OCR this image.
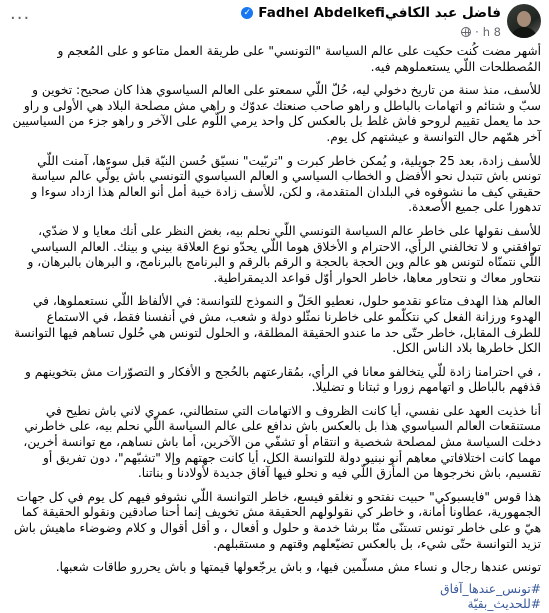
فاضل عبد الكافي
Fadhel Abdelkefi
✓
8 h
·
···

أشهر مضت كُنت حكيت على عالم السياسة "التونسي" على طريقة العمل متاعو و على المُعجم و المُصطلحات اللّي يستعملوهم فيه.

للأسف، منذ سنة من تاريخ دخولي ليه، حُلّ اللّي سمعتو على العالم السياسوي هذا كان صحيح: تخوين و سبّ و شتائم و اتهامات بالباطل و راهو صاحب صنعتك عدوّك و راهي مش مصلحة البلاد هي الأولى و راو حد ما يعمل تقييم لروحو فاش غلط بل بالعكس كل واحد يرمي اللّوم على الآخر و راهو جزء من السياسيين آخر همّهم حال التوانسة و عيشتهم كل يوم.

للأسف زادة، بعد 25 جويلية، و يُمكن خاطر كبرت و "تربّيت" نسيّق حُسن النيّة قبل سوءها، آمنت اللّي تونس باش تتبدل نحو الأفضل و الخطاب السياسي و العالم السياسوي التونسي باش يولّي عالم سياسة حقيقي كيف ما نشوفوه في البلدان المتقدمة، و لكن، للأسف زادة خيبة أمل أنو العالم هذا ازداد سوءا و تدهورا على جميع الأصعدة.

للأسف نقولها على خاطر عالم السياسة التونسي اللّي نحلم بيه، بغض النظر على أنك معايا و لا ضدّي، توافقني و لا تخالفني الرأي، الاحترام و الأخلاق هوما اللّي يحدّو نوع العلاقة بيني و بينك. العالم السياسي اللّي نتمنّاه لتونس هو عالم وين الحجة بالحجة و الرقم بالرقم و البرنامج بالبرنامج، و البرهان بالبرهان، و نتحاور معاك و نتحاور معاها، خاطر الحوار أوّل قواعد الديمقراطية.

العالم هذا الهدف متاعو نقدمو حلول، نعطيو الحَلّ و النموذج للتوانسة: في الألفاظ اللّي نستعملوها، في الهدوء ورزانة الفعل كي نتكلّمو على خاطرنا نمثّلو دولة و شعب، مش في أنفسنا فقط، في الاستماع للطرف المقابل، خاطر حتّى حد ما عندو الحقيقة المطلقة، و الحلول لتونس هي حُلول تساهم فيها التوانسة الكل خاطرها بلاد الناس الكل.

، في احترامنا زادة للّي يتخالفو معانا في الرأي، بمُقارعتهم بالحُجج و الأفكار و التصوّرات مش بتخوينهم و قذفهم بالباطل و اتهامهم زورا و ثبتانا و تضليلا.

أنا خذيت العهد على نفسي، أيا كانت الظروف و الاتهامات التي ستطالني، عمري لاني باش نطيح في مستنقعات العالم السياسوي هذا بل بالعكس باش ندافع على عالم السياسة اللّي نحلم بيه، على خاطرني دخلت السياسة مش لمصلحة شخصية و انتقام أو تشفّي من الآخرين، أما باش نساهم، مع توانسة أخرين، مهما كانت اختلافاتي معاهم أنو نبنيو دولة للتوانسة الكل، أيا كانت جهتهم وإلا "تشبّهم"، دون تفريق أو تقسيم، باش نخرجوها من المأزق اللّي فيه و نحلو فيها آفاق جديدة لأولادنا و بناتنا.

هذا قوس "فايسبوكي" حبيت نفتحو و نغلقو فيسع، خاطر التوانسة اللّي نشوفو فيهم كل يوم في كل جهات الجمهورية، عطاونا أمانة، و خاطر كي نقولولهم الحقيقة مش تخويف إنما أحنا صادقين ونقولو الحقيقة كما هيّ و على خاطر تونس تستنّى منّا برشا خدمة و حلول و أفعال ، و أقل أقوال و كلام وضوضاء ماهيش باش تزيد التوانسة حتّى شيء، بل بالعكس تضيّعلهم وقتهم و مستقبلهم.

تونس عندها رجال و نساء مش مسلّمين فيها، و باش يرجّعولها قيمتها و باش يحررو طاقات شعبها.

#تونس_عندها_آفاق
#للحديث_بقيّة
